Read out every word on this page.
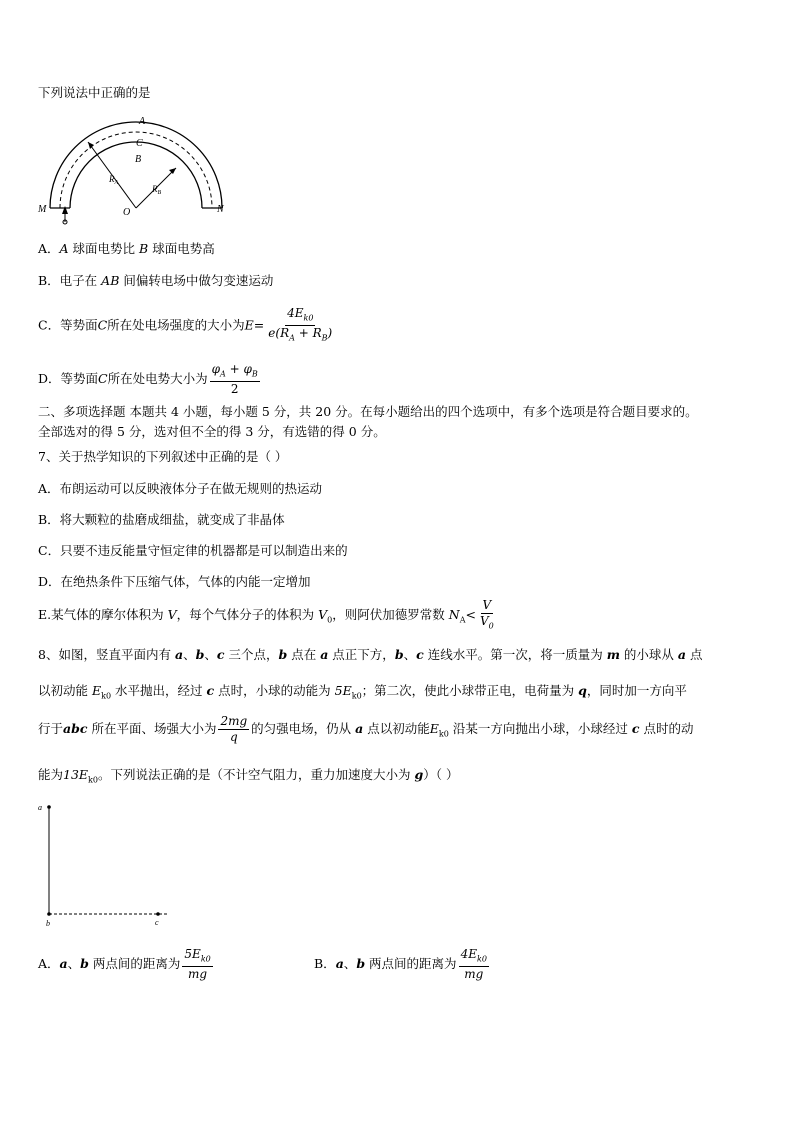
下列说法中正确的是
A
C
B
M	N
O
$R_A$
$R_B$
A．A 球面电势比 B 球面电势高
B．电子在 AB 间偏转电场中做匀变速运动
C．等势面C所在处电场强度的大小为$E= \frac{4E_{k0}}{e(R_A + R_B)}$
D．等势面C所在处电势大小为 $\frac{\varphi_A + \varphi_B}{2}$
二、多项选择题 本题共 4 小题，每小题 5 分，共 20 分。在每小题给出的四个选项中，有多个选项是符合题目要求的。
全部选对的得 5 分，选对但不全的得 3 分，有选错的得 0 分。
7、关于热学知识的下列叙述中正确的是（ ）
A．布朗运动可以反映液体分子在做无规则的热运动
B．将大颗粒的盐磨成细盐，就变成了非晶体
C．只要不违反能量守恒定律的机器都是可以制造出来的
D．在绝热条件下压缩气体，气体的内能一定增加
E.某气体的摩尔体积为 V，每个气体分子的体积为 $V_0$，则阿伏加德罗常数 $N_A< \frac{V}{V_0}$
8、如图，竖直平面内有 a、b、c 三个点，b 点在 a 点正下方，b、c 连线水平。第一次，将一质量为 m 的小球从 a 点
以初动能 $E_{k0}$ 水平抛出，经过 c 点时，小球的动能为 $5E_{k0}$；第二次，使此小球带正电，电荷量为 q，同时加一方向平
行于abc 所在平面、场强大小为 $\frac{2mg}{q}$ 的匀强电场，仍从 a 点以初动能$E_{k0}$ 沿某一方向抛出小球，小球经过 c 点时的动
能为$13E_{k0}$。下列说法正确的是（不计空气阻力，重力加速度大小为 g）（ ）
a
b	c
A．a、b 两点间的距离为 $\frac{5E_{k0}}{mg}$	B．a、b 两点间的距离为 $\frac{4E_{k0}}{mg}$
